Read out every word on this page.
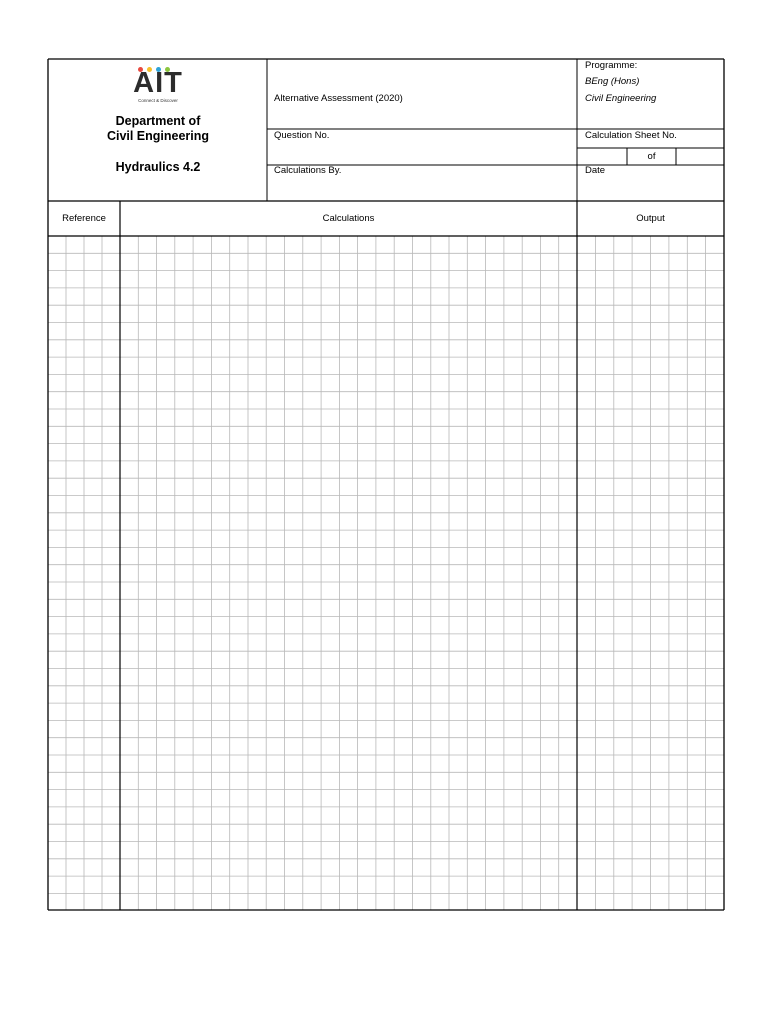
AIT
Connect & Discover
Department of
Civil Engineering
Hydraulics 4.2
Alternative Assessment (2020)
Question No.
Calculations By.
Programme:
BEng (Hons)
Civil Engineering
Calculation Sheet No.
of
Date
Reference	Calculations	Output
